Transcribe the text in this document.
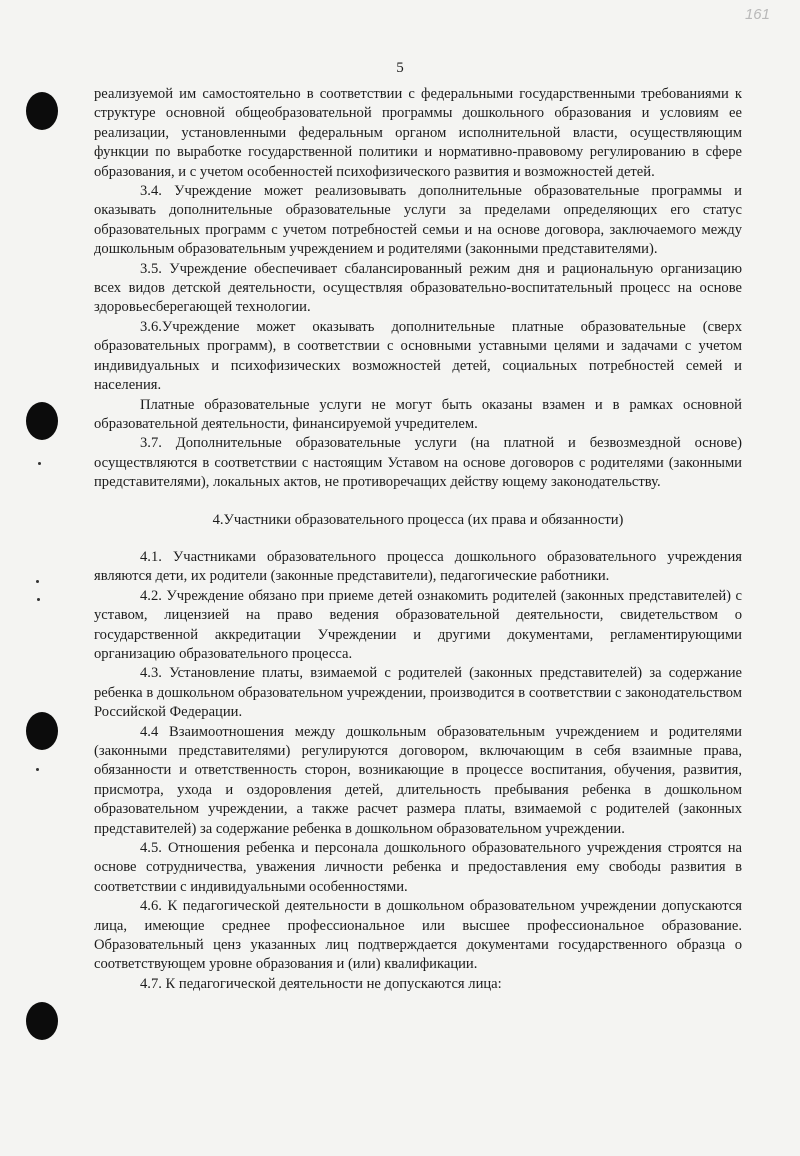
161
5

реализуемой им самостоятельно в соответствии с федеральными государственными требованиями к структуре основной общеобразовательной программы дошкольного образования и условиям ее реализации, установленными федеральным органом исполнительной власти, осуществляющим функции по выработке государственной политики и нормативно-правовому регулированию в сфере образования, и с учетом особенностей психофизического развития и возможностей детей.

3.4. Учреждение может реализовывать дополнительные образовательные программы и оказывать дополнительные образовательные услуги за пределами определяющих его статус образовательных программ с учетом потребностей семьи и на основе договора, заключаемого между дошкольным образовательным учреждением и родителями (законными представителями).

3.5. Учреждение обеспечивает сбалансированный режим дня и рациональную организацию всех видов детской деятельности, осуществляя образовательно-воспитательный процесс на основе здоровьесберегающей технологии.

3.6.Учреждение может оказывать дополнительные платные образовательные (сверх образовательных программ), в соответствии с основными уставными целями и задачами с учетом индивидуальных и психофизических возможностей детей, социальных потребностей семей и населения.

Платные образовательные услуги не могут быть оказаны взамен и в рамках основной образовательной деятельности, финансируемой учредителем.

3.7. Дополнительные образовательные услуги (на платной и безвозмездной основе) осуществляются в соответствии с настоящим Уставом на основе договоров с родителями (законными представителями), локальных актов, не противоречащих действу ющему законодательству.

4.Участники образовательного процесса (их права и обязанности)

4.1. Участниками образовательного процесса дошкольного образовательного учреждения являются дети, их родители (законные представители), педагогические работники.

4.2. Учреждение обязано при приеме детей ознакомить родителей (законных представителей) с уставом, лицензией на право ведения образовательной деятельности, свидетельством о государственной аккредитации Учреждении и другими документами, регламентирующими организацию образовательного процесса.

4.3. Установление платы, взимаемой с родителей (законных представителей) за содержание ребенка в дошкольном образовательном учреждении, производится в соответствии с законодательством Российской Федерации.

4.4 Взаимоотношения между дошкольным образовательным учреждением и родителями (законными представителями) регулируются договором, включающим в себя взаимные права, обязанности и ответственность сторон, возникающие в процессе воспитания, обучения, развития, присмотра, ухода и оздоровления детей, длительность пребывания ребенка в дошкольном образовательном учреждении, а также расчет размера платы, взимаемой с родителей (законных представителей) за содержание ребенка в дошкольном образовательном учреждении.

4.5. Отношения ребенка и персонала дошкольного образовательного учреждения строятся на основе сотрудничества, уважения личности ребенка и предоставления ему свободы развития в соответствии с индивидуальными особенностями.

4.6. К педагогической деятельности в дошкольном образовательном учреждении допускаются лица, имеющие среднее профессиональное или высшее профессиональное образование. Образовательный ценз указанных лиц подтверждается документами государственного образца о соответствующем уровне образования и (или) квалификации.

4.7. К педагогической деятельности не допускаются лица:
